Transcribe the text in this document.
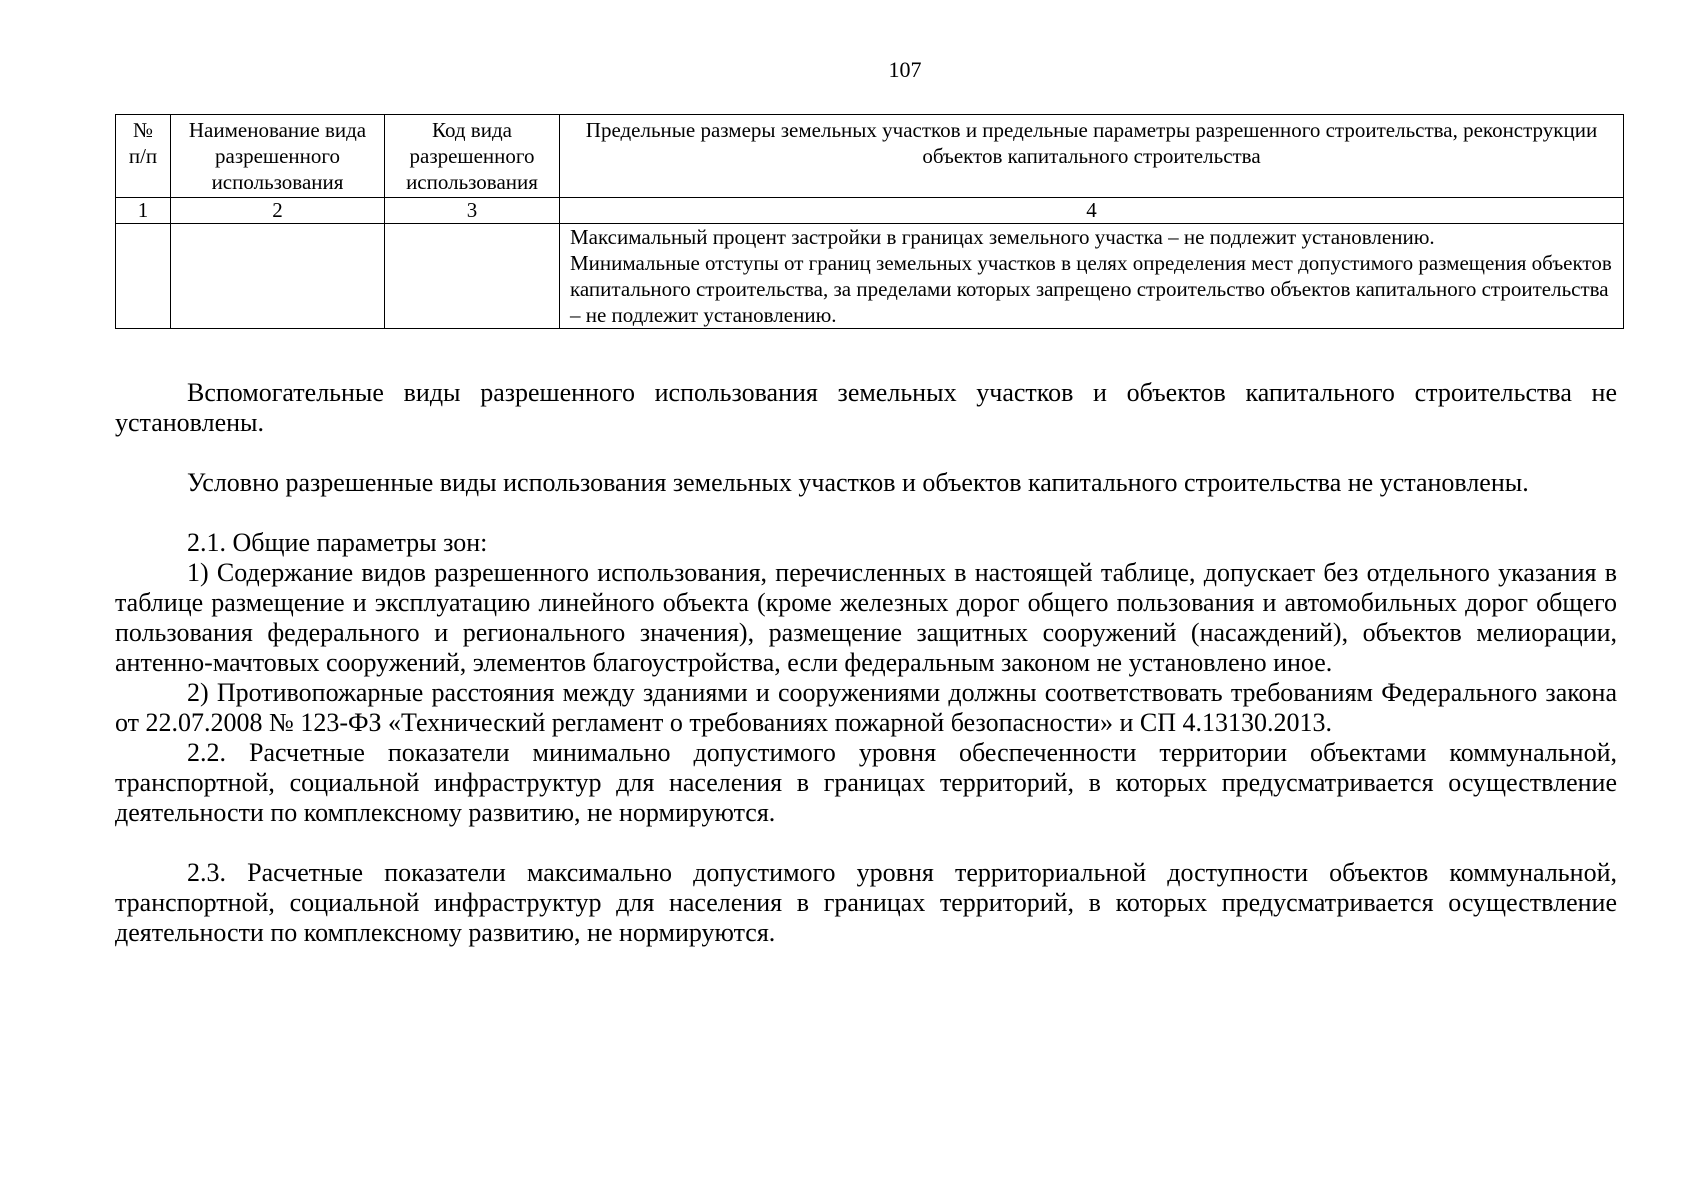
107
№ п/п	Наименование вида разрешенного использования	Код вида разрешенного использования	Предельные размеры земельных участков и предельные параметры разрешенного строительства, реконструкции объектов капитального строительства
1	2	3	4

			Максимальный процент застройки в границах земельного участка – не подлежит установлению.
Минимальные отступы от границ земельных участков в целях определения мест допустимого размещения объектов капитального строительства, за пределами которых запрещено строительство объектов капитального строительства – не подлежит установлению.

Вспомогательные виды разрешенного использования земельных участков и объектов капитального строительства не установлены.

Условно разрешенные виды использования земельных участков и объектов капитального строительства не установлены.

2.1. Общие параметры зон:

1) Содержание видов разрешенного использования, перечисленных в настоящей таблице, допускает без отдельного указания в таблице размещение и эксплуатацию линейного объекта (кроме железных дорог общего пользования и автомобильных дорог общего пользования федерального и регионального значения), размещение защитных сооружений (насаждений), объектов мелиорации, антенно-мачтовых сооружений, элементов благоустройства, если федеральным законом не установлено иное.

2) Противопожарные расстояния между зданиями и сооружениями должны соответствовать требованиям Федерального закона от 22.07.2008 № 123-ФЗ «Технический регламент о требованиях пожарной безопасности» и СП 4.13130.2013.

2.2. Расчетные показатели минимально допустимого уровня обеспеченности территории объектами коммунальной, транспортной, социальной инфраструктур для населения в границах территорий, в которых предусматривается осуществление деятельности по комплексному развитию, не нормируются.

2.3. Расчетные показатели максимально допустимого уровня территориальной доступности объектов коммунальной, транспортной, социальной инфраструктур для населения в границах территорий, в которых предусматривается осуществление деятельности по комплексному развитию, не нормируются.
